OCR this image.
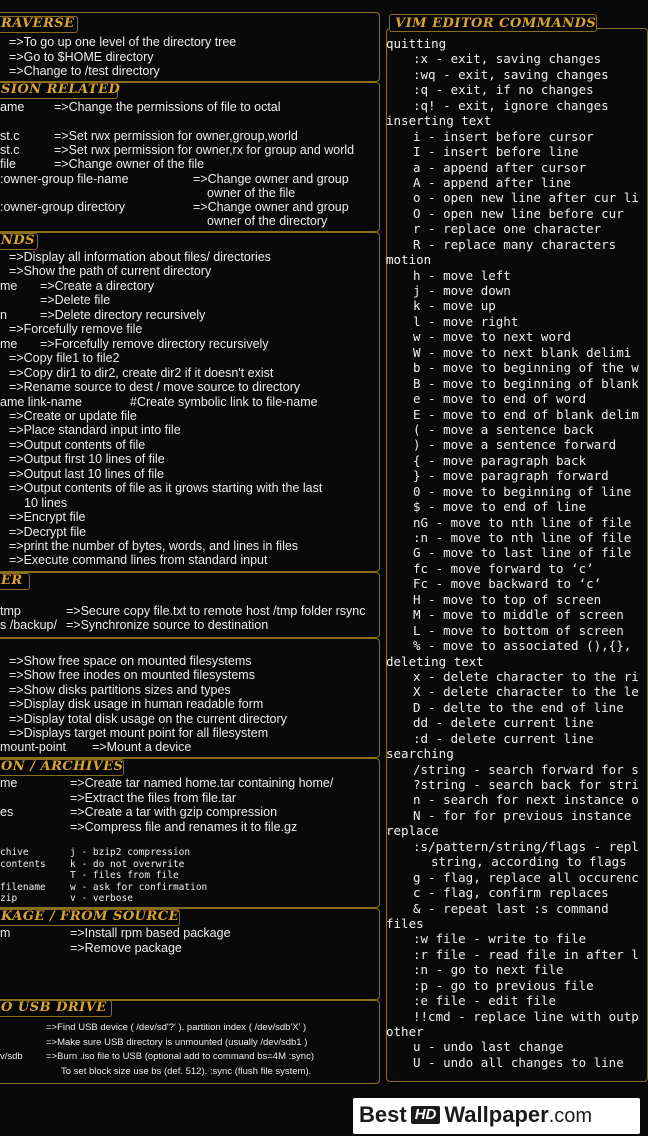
RAVERSE
=>To go up one level of the directory tree
=>Go to $HOME directory
=>Change to /test directory
SION RELATED
ame =>Change the permissions of file to octal
st.c	=>Set rwx permission for owner,group,world
st.c	=>Set rwx permission for owner,rx for group and world
file	=>Change owner of the file
:owner-group file-name	=>Change owner and group
owner of the file
:owner-group directory	=>Change owner and group
owner of the directory
NDS
=>Display all information about files/ directories
=>Show the path of current directory
me =>Create a directory
=>Delete file
n	=>Delete directory recursively
=>Forcefully remove file
me =>Forcefully remove directory recursively
=>Copy file1 to file2
=>Copy dir1 to dir2, create dir2 if it doesn't exist
=>Rename source to dest / move source to directory
ame link-name	#Create symbolic link to file-name
=>Create or update file
=>Place standard input into file
=>Output contents of file
=>Output first 10 lines of file
=>Output last 10 lines of file
=>Output contents of file as it grows starting with the last
10 lines
=>Encrypt file
=>Decrypt file
=>print the number of bytes, words, and lines in files
=>Execute command lines from standard input
ER
tmp	=>Secure copy file.txt to remote host /tmp folder rsync
s /backup/ =>Synchronize source to destination
=>Show free space on mounted filesystems
=>Show free inodes on mounted filesystems
=>Show disks partitions sizes and types
=>Display disk usage in human readable form
=>Display total disk usage on the current directory
=>Displays target mount point for all filesystem
mount-point =>Mount a device
ON / ARCHIVES
me	=>Create tar named home.tar containing home/
=>Extract the files from file.tar
es	=>Create a tar with gzip compression
=>Compress file and renames it to file.gz
chive	j - bzip2 compression
contents	k - do not overwrite
T - files from file
filename	w - ask for confirmation
zip	v - verbose
KAGE / FROM SOURCE
m	=>Install rpm based package
=>Remove package
O USB DRIVE
=>Find USB device ( /dev/sd'?' ). partition index ( /dev/sdb'X' )
=>Make sure USB directory is unmounted (usually /dev/sdb1 )
v/sdb =>Burn .iso file to USB (optional add to command bs=4M :sync)
To set block size use bs (def. 512). :sync (flush file system).
VIM EDITOR COMMANDS
quitting
:x - exit, saving changes
:wq - exit, saving changes
:q - exit, if no changes
:q! - exit, ignore changes
inserting text
i - insert before cursor
I - insert before line
a - append after cursor
A - append after line
o - open new line after cur li
O - open new line before cur
r - replace one character
R - replace many characters
motion
h - move left
j - move down
k - move up
l - move right
w - move to next word
W - move to next blank delimi
b - move to beginning of the w
B - move to beginning of blank
e - move to end of word
E - move to end of blank delim
( - move a sentence back
) - move a sentence forward
{ - move paragraph back
} - move paragraph forward
0 - move to beginning of line
$ - move to end of line
nG - move to nth line of file
:n - move to nth line of file
G - move to last line of file
fc - move forward to ‘c’
Fc - move backward to ‘c’
H - move to top of screen
M - move to middle of screen
L - move to bottom of screen
% - move to associated (),{},
deleting text
x - delete character to the ri
X - delete character to the le
D - delte to the end of line
dd - delete current line
:d - delete current line
searching
/string - search forward for s
?string - search back for stri
n - search for next instance o
N - for for previous instance
replace
:s/pattern/string/flags - repl
string, according to flags
g - flag, replace all occurenc
c - flag, confirm replaces
& - repeat last :s command
files
:w file - write to file
:r file - read file in after l
:n - go to next file
:p - go to previous file
:e file - edit file
!!cmd - replace line with outp
other
u - undo last change
U - undo all changes to line
Best HD Wallpaper.com
